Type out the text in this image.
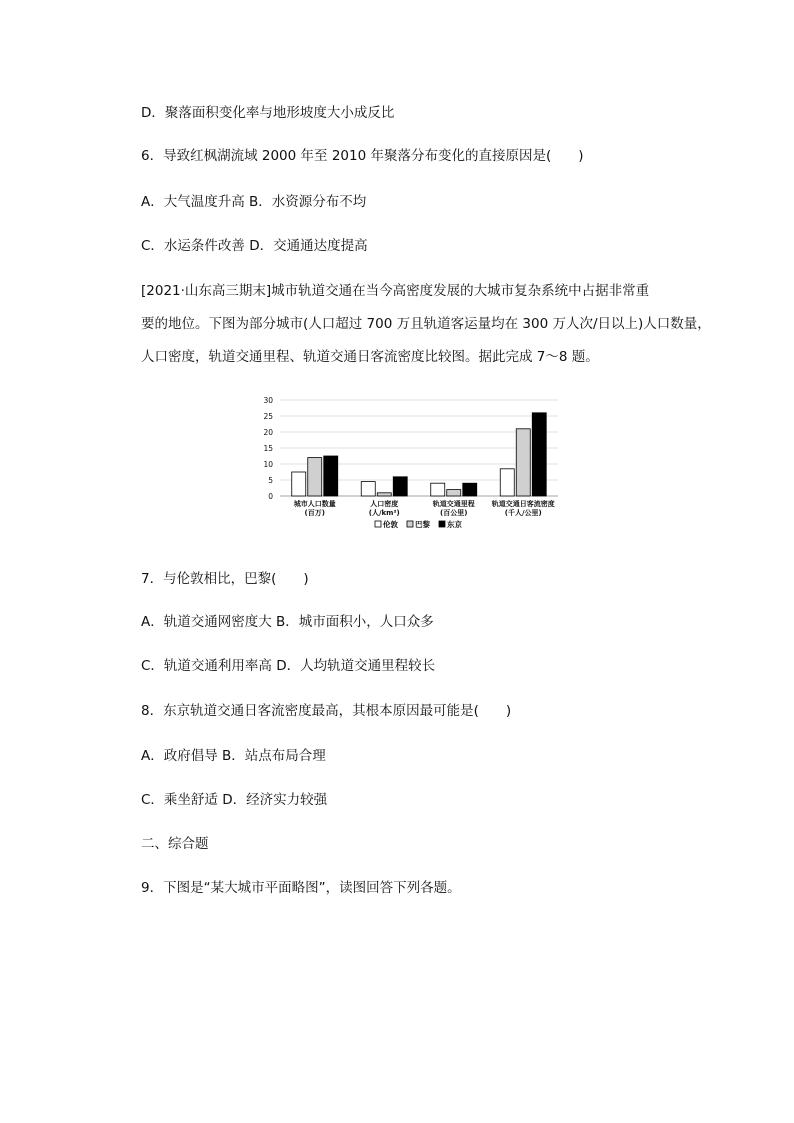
D．聚落面积变化率与地形坡度大小成反比
6．导致红枫湖流域 2000 年至 2010 年聚落分布变化的直接原因是(　　)
A．大气温度升高 B．水资源分布不均
C．水运条件改善 D．交通通达度提高
[2021·山东高三期末]城市轨道交通在当今高密度发展的大城市复杂系统中占据非常重
要的地位。下图为部分城市(人口超过 700 万且轨道客运量均在 300 万人次/日以上)人口数量，
人口密度，轨道交通里程、轨道交通日客流密度比较图。据此完成 7～8 题。
0
5
10
15
20
25
30
城市人口数量
(百万)
人口密度
(人/km²)
轨道交通里程
(百公里)
轨道交通日客流密度
(千人/公里)
伦敦 巴黎 东京
7．与伦敦相比，巴黎(　　)
A．轨道交通网密度大 B．城市面积小，人口众多
C．轨道交通利用率高 D．人均轨道交通里程较长
8．东京轨道交通日客流密度最高，其根本原因最可能是(　　)
A．政府倡导 B．站点布局合理
C．乘坐舒适 D．经济实力较强
二、综合题
9．下图是“某大城市平面略图”，读图回答下列各题。
